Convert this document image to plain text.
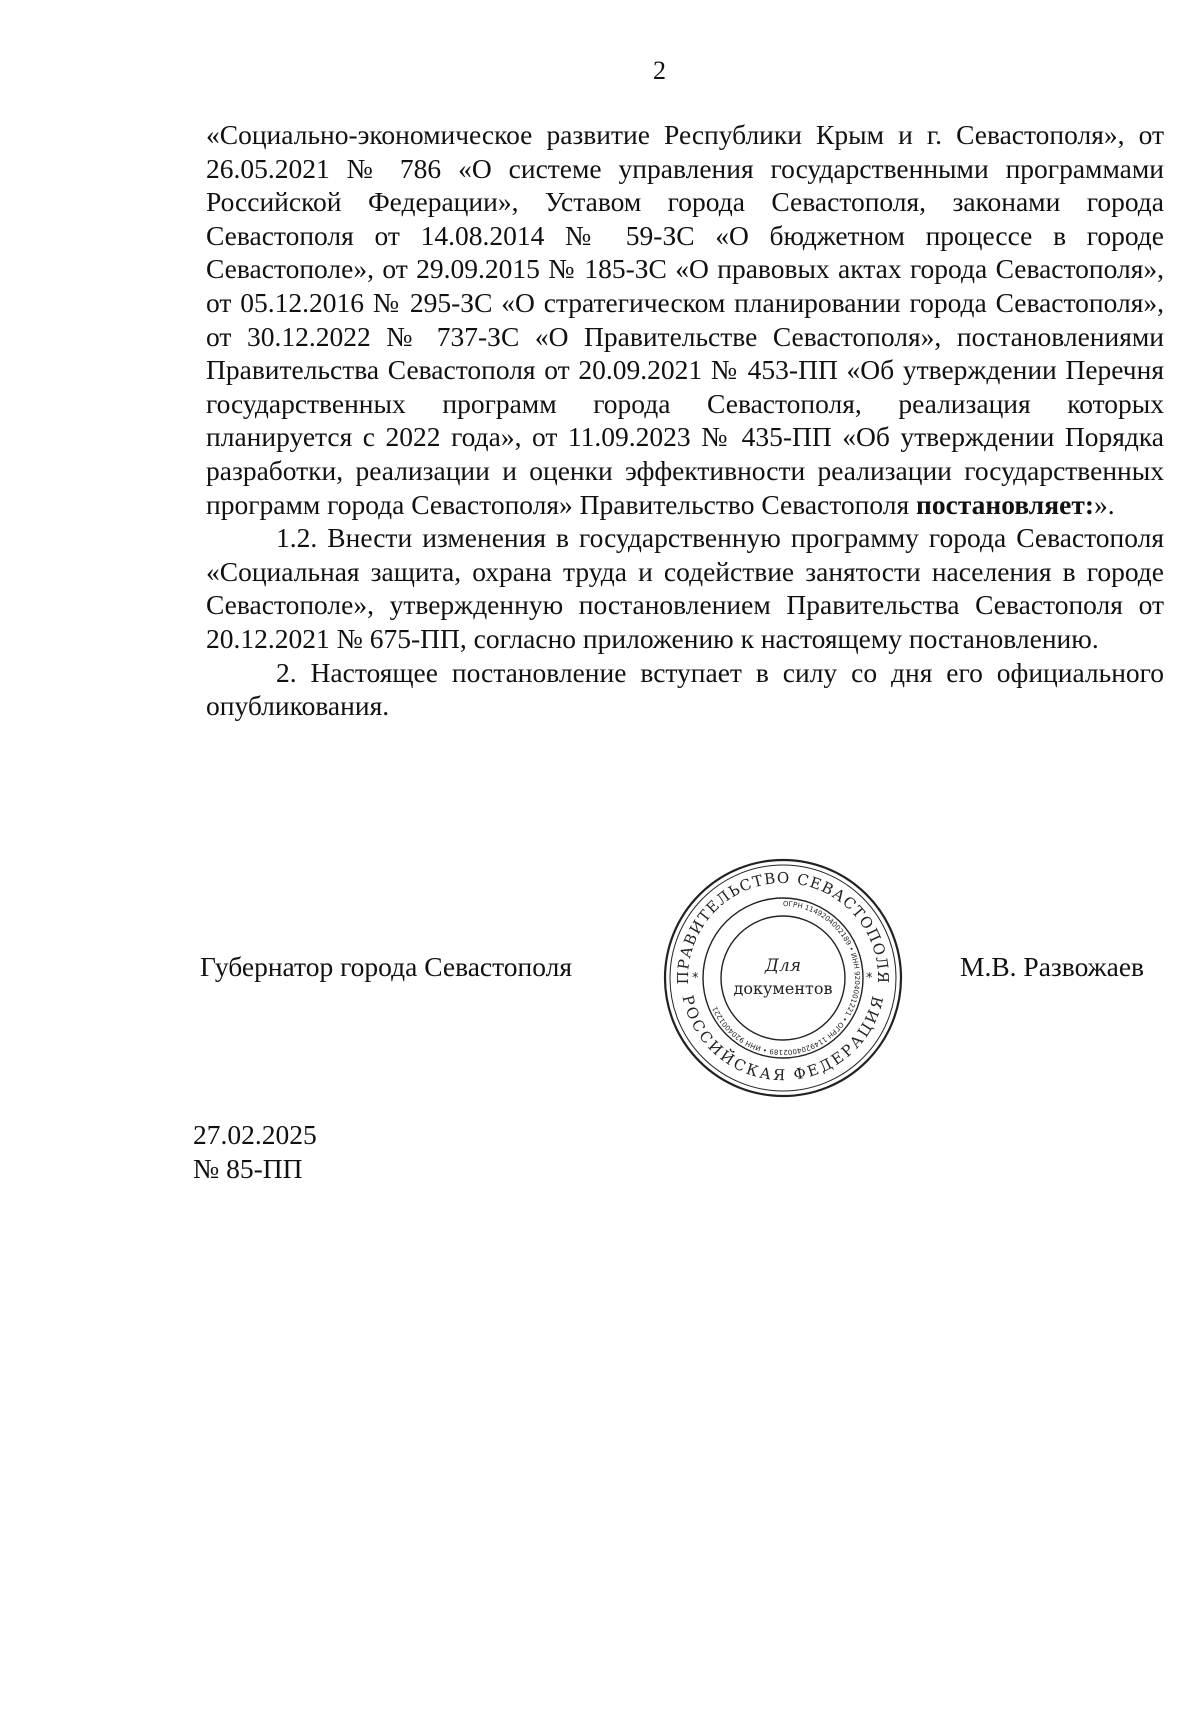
2

«Социально-экономическое развитие Республики Крым и г. Севастополя», от 26.05.2021 № 786 «О системе управления государственными программами Российской Федерации», Уставом города Севастополя, законами города Севастополя от 14.08.2014 № 59-ЗС «О бюджетном процессе в городе Севастополе», от 29.09.2015 № 185-ЗС «О правовых актах города Севастополя», от 05.12.2016 № 295-ЗС «О стратегическом планировании города Севастополя», от 30.12.2022 № 737-ЗС «О Правительстве Севастополя», постановлениями Правительства Севастополя от 20.09.2021 № 453-ПП «Об утверждении Перечня государственных программ города Севастополя, реализация которых планируется с 2022 года», от 11.09.2023 № 435-ПП «Об утверждении Порядка разработки, реализации и оценки эффективности реализации государственных программ города Севастополя» Правительство Севастополя постановляет:».

1.2. Внести изменения в государственную программу города Севастополя «Социальная защита, охрана труда и содействие занятости населения в городе Севастополе», утвержденную постановлением Правительства Севастополя от 20.12.2021 № 675-ПП, согласно приложению к настоящему постановлению.

2. Настоящее постановление вступает в силу со дня его официального опубликования.

Губернатор города Севастополя	М.В. Развожаев
ПРАВИТЕЛЬСТВО СЕВАСТОПОЛЯ
РОССИЙСКАЯ ФЕДЕРАЦИЯ
*	*
ОГРН 1149204002189 • ИНН 9204001221 • ОГРН 1149204002189 • ИНН 9204001221
Для
документов
27.02.2025
№ 85-ПП
